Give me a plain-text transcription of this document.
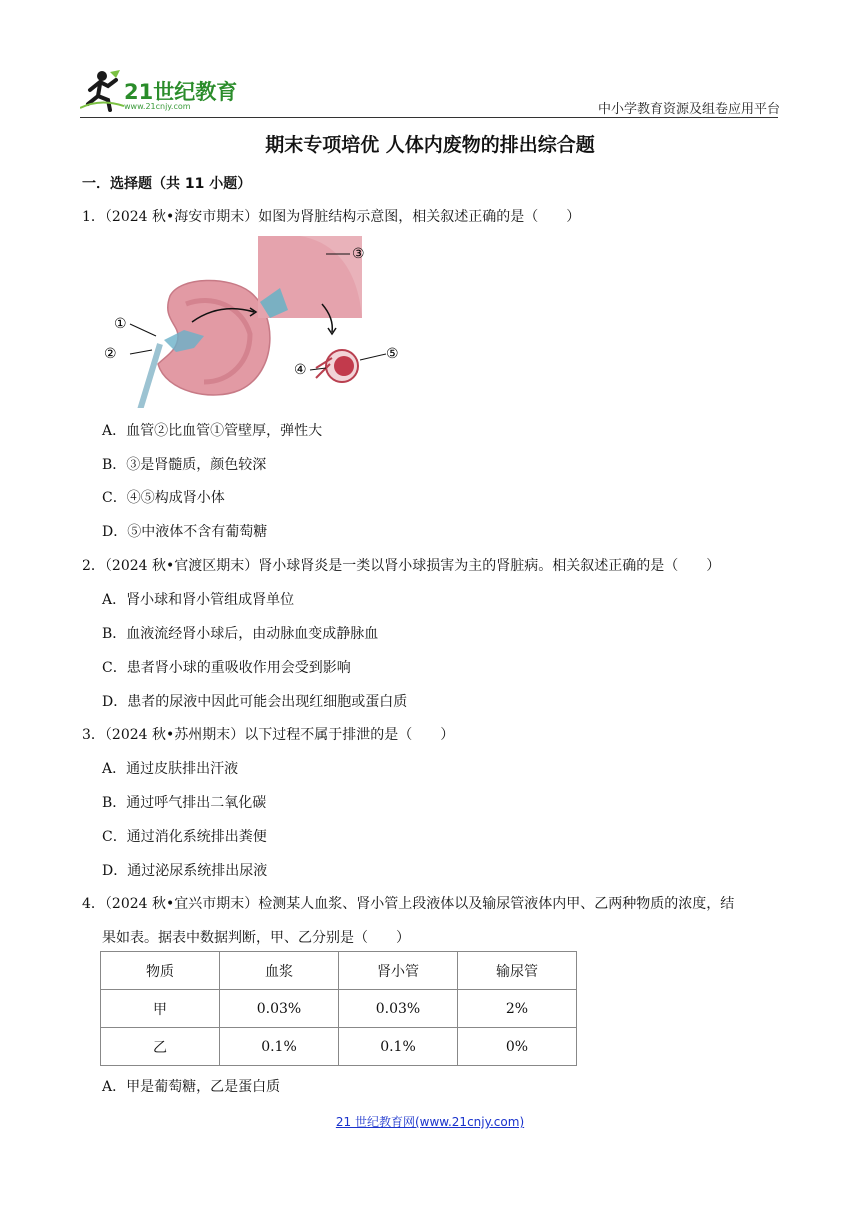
21世纪教育
www.21cnjy.com	中小学教育资源及组卷应用平台
期末专项培优 人体内废物的排出综合题
一．选择题（共 11 小题）
1．（2024 秋•海安市期末）如图为肾脏结构示意图，相关叙述正确的是（　　）
①
②
③
④
⑤
A．血管②比血管①管壁厚，弹性大
B．③是肾髓质，颜色较深
C．④⑤构成肾小体
D．⑤中液体不含有葡萄糖
2．（2024 秋•官渡区期末）肾小球肾炎是一类以肾小球损害为主的肾脏病。相关叙述正确的是（　　）
A．肾小球和肾小管组成肾单位
B．血液流经肾小球后，由动脉血变成静脉血
C．患者肾小球的重吸收作用会受到影响
D．患者的尿液中因此可能会出现红细胞或蛋白质
3．（2024 秋•苏州期末）以下过程不属于排泄的是（　　）
A．通过皮肤排出汗液
B．通过呼气排出二氧化碳
C．通过消化系统排出粪便
D．通过泌尿系统排出尿液
4．（2024 秋•宜兴市期末）检测某人血浆、肾小管上段液体以及输尿管液体内甲、乙两种物质的浓度，结
果如表。据表中数据判断，甲、乙分别是（　　）
物质	血浆	肾小管	输尿管
甲	0.03%	0.03%	2%
乙	0.1%	0.1%	0%
A．甲是葡萄糖，乙是蛋白质
21 世纪教育网(www.21cnjy.com)
